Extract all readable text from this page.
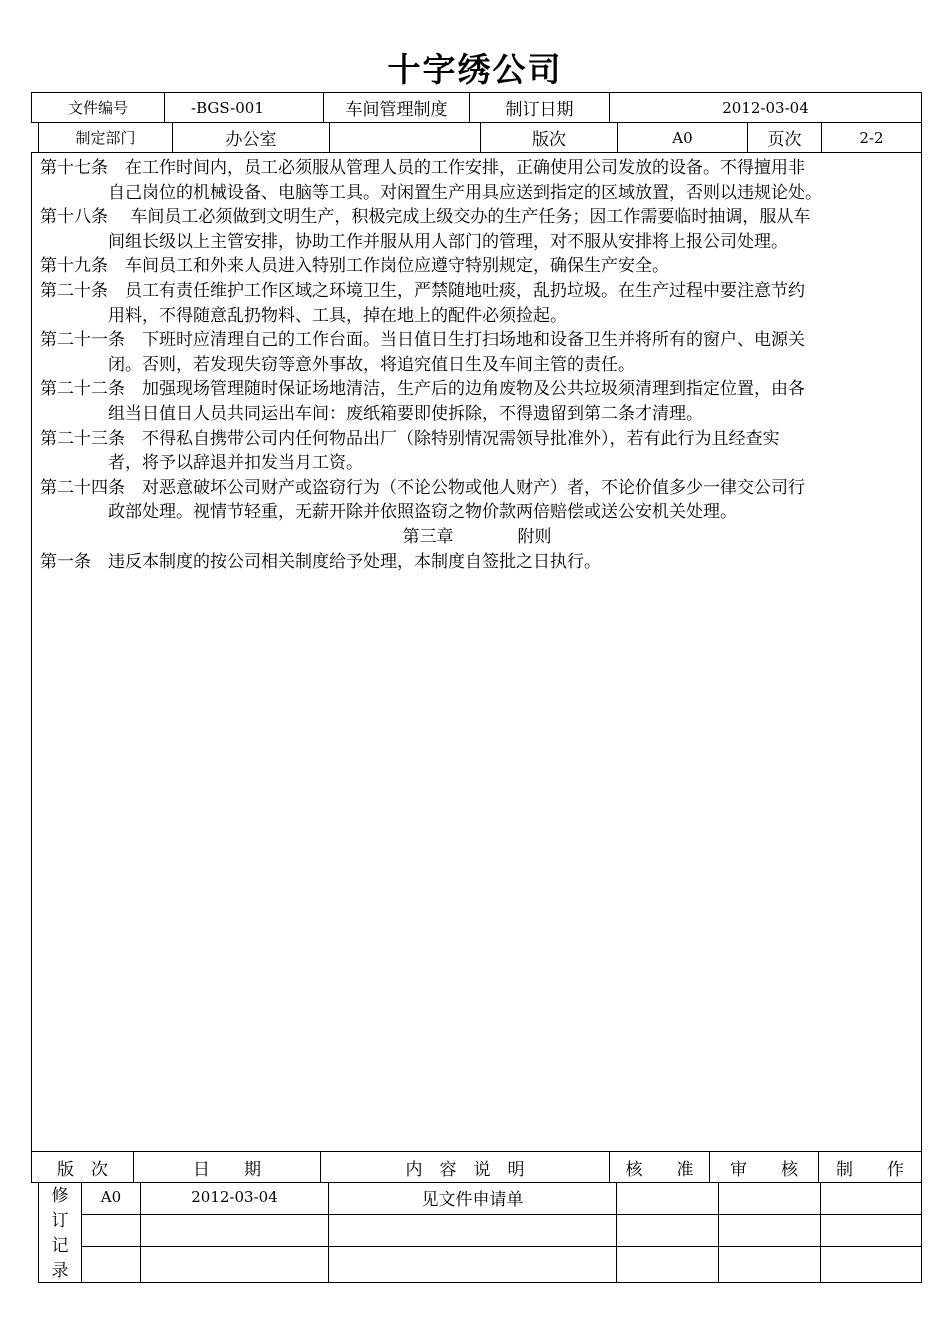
十字绣公司
文件编号	-BGS-001	车间管理制度	制订日期	2012-03-04
制定部门	办公室	版次	A0	页次	2-2

第十七条　在工作时间内，员工必须服从管理人员的工作安排，正确使用公司发放的设备。不得擅用非
自己岗位的机械设备、电脑等工具。对闲置生产用具应送到指定的区域放置，否则以违规论处。

第十八条　 车间员工必须做到文明生产，积极完成上级交办的生产任务；因工作需要临时抽调，服从车
间组长级以上主管安排，协助工作并服从用人部门的管理，对不服从安排将上报公司处理。

第十九条　车间员工和外来人员进入特别工作岗位应遵守特别规定，确保生产安全。

第二十条　员工有责任维护工作区域之环境卫生，严禁随地吐痰，乱扔垃圾。在生产过程中要注意节约
用料，不得随意乱扔物料、工具，掉在地上的配件必须捡起。

第二十一条　下班时应清理自己的工作台面。当日值日生打扫场地和设备卫生并将所有的窗户、电源关
闭。否则，若发现失窃等意外事故，将追究值日生及车间主管的责任。

第二十二条　加强现场管理随时保证场地清洁，生产后的边角废物及公共垃圾须清理到指定位置，由各
组当日值日人员共同运出车间：废纸箱要即使拆除，不得遗留到第二条才清理。

第二十三条　不得私自携带公司内任何物品出厂（除特别情况需领导批准外），若有此行为且经查实
者，将予以辞退并扣发当月工资。

第二十四条　对恶意破坏公司财产或盗窃行为（不论公物或他人财产）者，不论价值多少一律交公司行
政部处理。视情节轻重，无薪开除并依照盗窃之物价款两倍赔偿或送公安机关处理。

第三章	附则

第一条　违反本制度的按公司相关制度给予处理，本制度自签批之日执行。

版　次	日　　期	内　容　说　明	核　　准	审　　核	制　　作
A0	2012-03-04	见文件申请单
修
订
记
录
